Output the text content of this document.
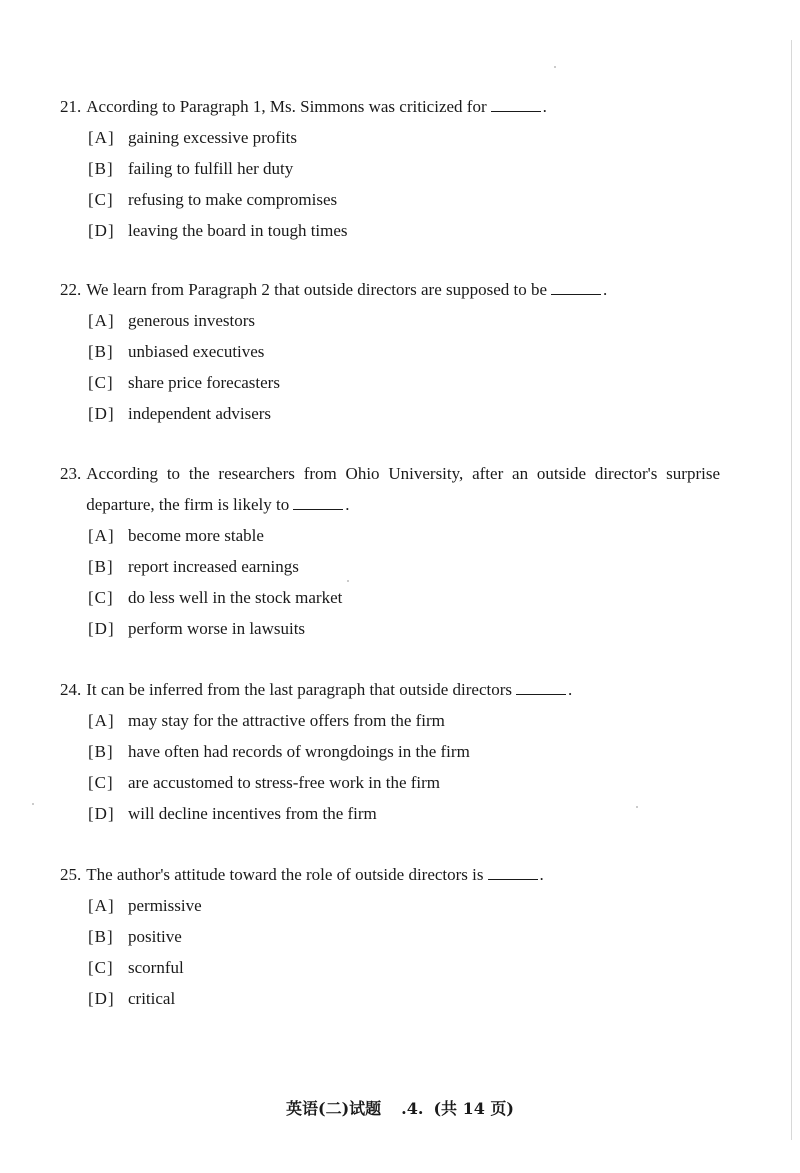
21. According to Paragraph 1, Ms. Simmons was criticized for	.
[A] gaining excessive profits
[B] failing to fulfill her duty
[C] refusing to make compromises
[D] leaving the board in tough times
22. We learn from Paragraph 2 that outside directors are supposed to be	.
[A] generous investors
[B] unbiased executives
[C] share price forecasters
[D] independent advisers
23. According to the researchers from Ohio University, after an outside director's surprise departure, the firm is likely to	.
[A] become more stable
[B] report increased earnings
[C] do less well in the stock market
[D] perform worse in lawsuits
24. It can be inferred from the last paragraph that outside directors	.
[A] may stay for the attractive offers from the firm
[B] have often had records of wrongdoings in the firm
[C] are accustomed to stress-free work in the firm
[D] will decline incentives from the firm
25. The author's attitude toward the role of outside directors is	.
[A] permissive
[B] positive
[C] scornful
[D] critical
英语(二)试题 .4. (共 14 页)
